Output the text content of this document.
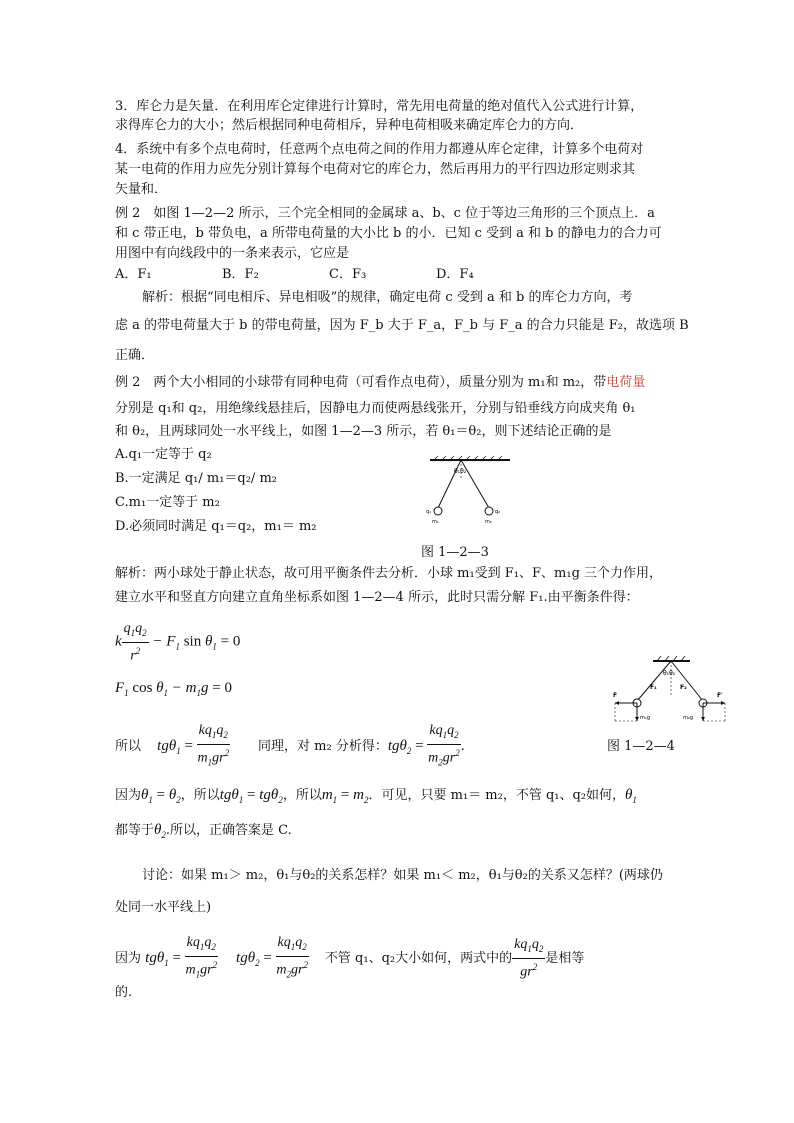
3．库仑力是矢量．在利用库仑定律进行计算时，常先用电荷量的绝对值代入公式进行计算，
求得库仑力的大小；然后根据同种电荷相斥，异种电荷相吸来确定库仑力的方向．
4．系统中有多个点电荷时，任意两个点电荷之间的作用力都遵从库仑定律，计算多个电荷对
某一电荷的作用力应先分别计算每个电荷对它的库仑力，然后再用力的平行四边形定则求其
矢量和．
例 2　如图 1—2—2 所示，三个完全相同的金属球 a、b、c 位于等边三角形的三个顶点上．a
和 c 带正电，b 带负电，a 所带电荷量的大小比 b 的小．已知 c 受到 a 和 b 的静电力的合力可
用图中有向线段中的一条来表示，它应是
A．F₁	B．F₂	C．F₃	D．F₄
解析：根据“同电相斥、异电相吸”的规律，确定电荷 c 受到 a 和 b 的库仑力方向，考
虑 a 的带电荷量大于 b 的带电荷量，因为 F_b 大于 F_a，F_b 与 F_a 的合力只能是 F₂，故选项 B
正确．
例 2　两个大小相同的小球带有同种电荷（可看作点电荷），质量分别为 m₁和 m₂，带电荷量
分别是 q₁和 q₂，用绝缘线悬挂后，因静电力而使两悬线张开，分别与铅垂线方向成夹角 θ₁
和 θ₂，且两球同处一水平线上，如图 1—2—3 所示，若 θ₁＝θ₂，则下述结论正确的是
A.q₁一定等于 q₂
B.一定满足 q₁/ m₁＝q₂/ m₂
C.m₁一定等于 m₂
D.必须同时满足 q₁＝q₂，m₁＝ m₂
θ₁θ₂
q₁	q₂
m₁	m₂
图 1—2—3
解析：两小球处于静止状态，故可用平衡条件去分析．小球 m₁受到 F₁、F、m₁g 三个力作用，
建立水平和竖直方向建立直角坐标系如图 1—2—4 所示，此时只需分解 F₁.由平衡条件得：
k $\frac{q_1q_2}{r^2} - F_1$ $\sin \theta_1 = 0$
$F_1$ $\cos \theta_1 - m_1g = 0$
θ₁θ₂
F	F′
F₁	F₂
m₁g	m₂g
图 1—2—4
所以 $tg\theta_1 = \frac{kq_1q_2}{m_1gr^2}$ 同理，对 m₂ 分析得：$tg\theta_2 = \frac{kq_1q_2}{m_2gr^2}$ .
因为$\theta_1 = \theta_2$，所以tgθ$_1$ = tgθ$_2$，所以$m_1 = m_2$．可见，只要 m₁＝ m₂，不管 q₁、q₂如何，$\theta_1$
都等于$\theta_2$.所以，正确答案是 C.
讨论：如果 m₁＞ m₂，θ₁与θ₂的关系怎样？如果 m₁＜ m₂，θ₁与θ₂的关系又怎样？(两球仍
处同一水平线上)
因为 $tg\theta_1 = \frac{kq_1q_2}{m_1gr^2} tg\theta_2 = \frac{kq_1q_2}{m_2gr^2}$ 不管 q₁、q₂大小如何，两式中的 $\frac{kq_1q_2}{gr^2}$ 是相等
的.
